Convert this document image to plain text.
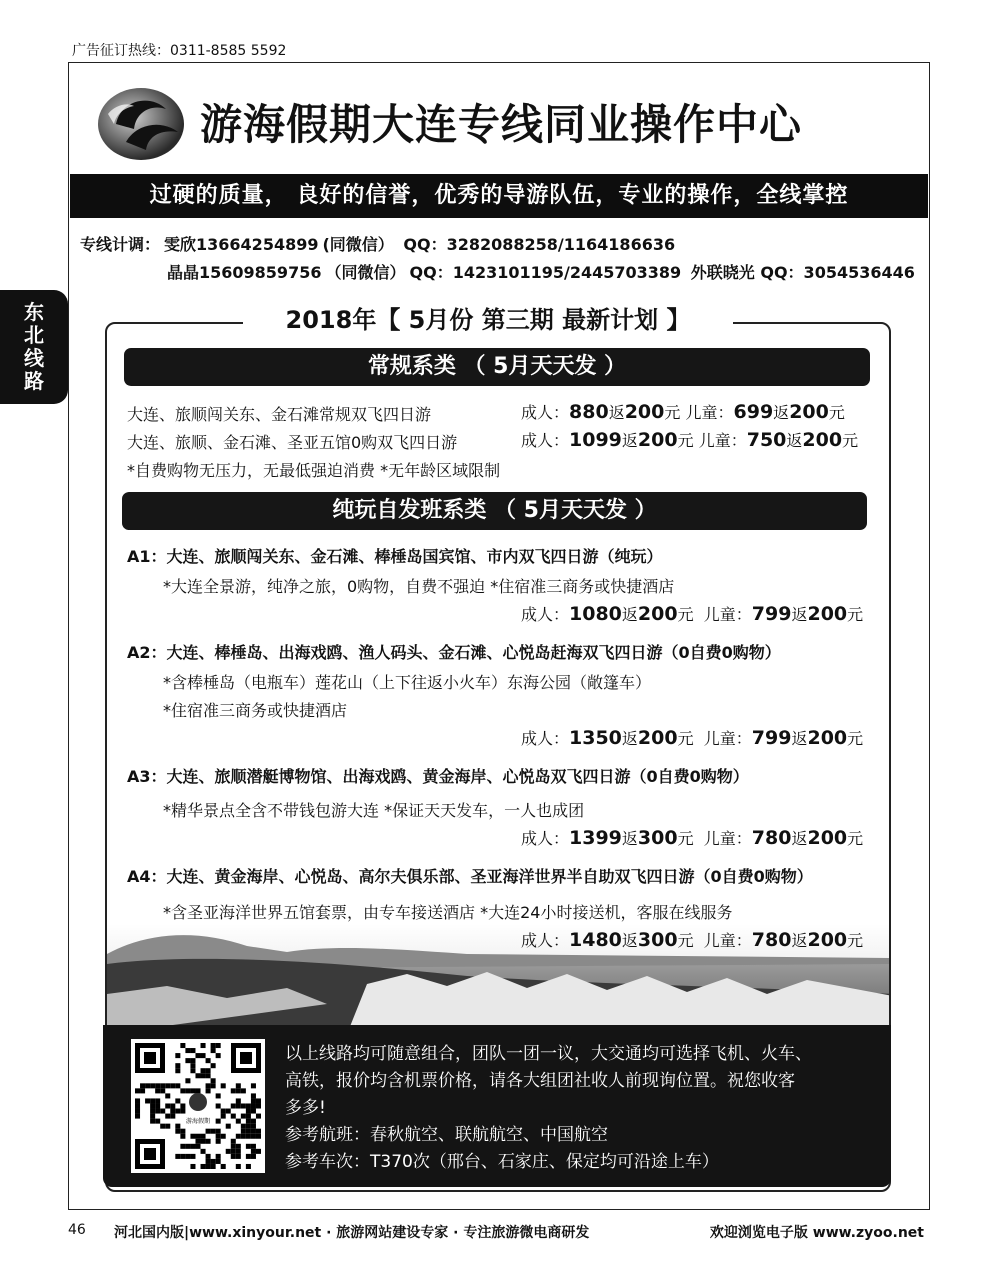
广告征订热线：0311-8585 5592
游海假期大连专线同业操作中心
过硬的质量， 良好的信誉，优秀的导游队伍，专业的操作，全线掌控
专线计调： 雯欣13664254899 (同微信） QQ：3282088258/1164186636
晶晶15609859756 （同微信） QQ：1423101195/2445703389 外联晓光 QQ：3054536446
东
北
线
路
常规系类 （ 5月天天发 ）
大连、旅顺闯关东、金石滩常规双飞四日游	成人：880返200元 儿童：699返200元
大连、旅顺、金石滩、圣亚五馆0购双飞四日游	成人：1099返200元 儿童：750返200元
*自费购物无压力，无最低强迫消费 *无年龄区域限制
纯玩自发班系类 （ 5月天天发 ）
A1：大连、旅顺闯关东、金石滩、棒棰岛国宾馆、市内双飞四日游（纯玩）
*大连全景游，纯净之旅，0购物，自费不强迫 *住宿准三商务或快捷酒店
成人：1080返200元 儿童：799返200元
A2：大连、棒棰岛、出海戏鸥、渔人码头、金石滩、心悦岛赶海双飞四日游（0自费0购物）
*含棒棰岛（电瓶车）莲花山（上下往返小火车）东海公园（敞篷车）
*住宿准三商务或快捷酒店
成人：1350返200元 儿童：799返200元
A3：大连、旅顺潜艇博物馆、出海戏鸥、黄金海岸、心悦岛双飞四日游（0自费0购物）
*精华景点全含不带钱包游大连 *保证天天发车，一人也成团
成人：1399返300元 儿童：780返200元
A4：大连、黄金海岸、心悦岛、高尔夫俱乐部、圣亚海洋世界半自助双飞四日游（0自费0购物）
*含圣亚海洋世界五馆套票，由专车接送酒店 *大连24小时接送机，客服在线服务
成人：1480返300元 儿童：780返200元
2018年【 5月份 第三期 最新计划 】
游海假期
以上线路均可随意组合，团队一团一议，大交通均可选择飞机、火车、
高铁，报价均含机票价格，请各大组团社收人前现询位置。祝您收客
多多!
参考航班：春秋航空、联航航空、中国航空
参考车次：T370次（邢台、石家庄、保定均可沿途上车）
46 河北国内版|www.xinyour.net · 旅游网站建设专家 · 专注旅游微电商研发	欢迎浏览电子版 www.zyoo.net
